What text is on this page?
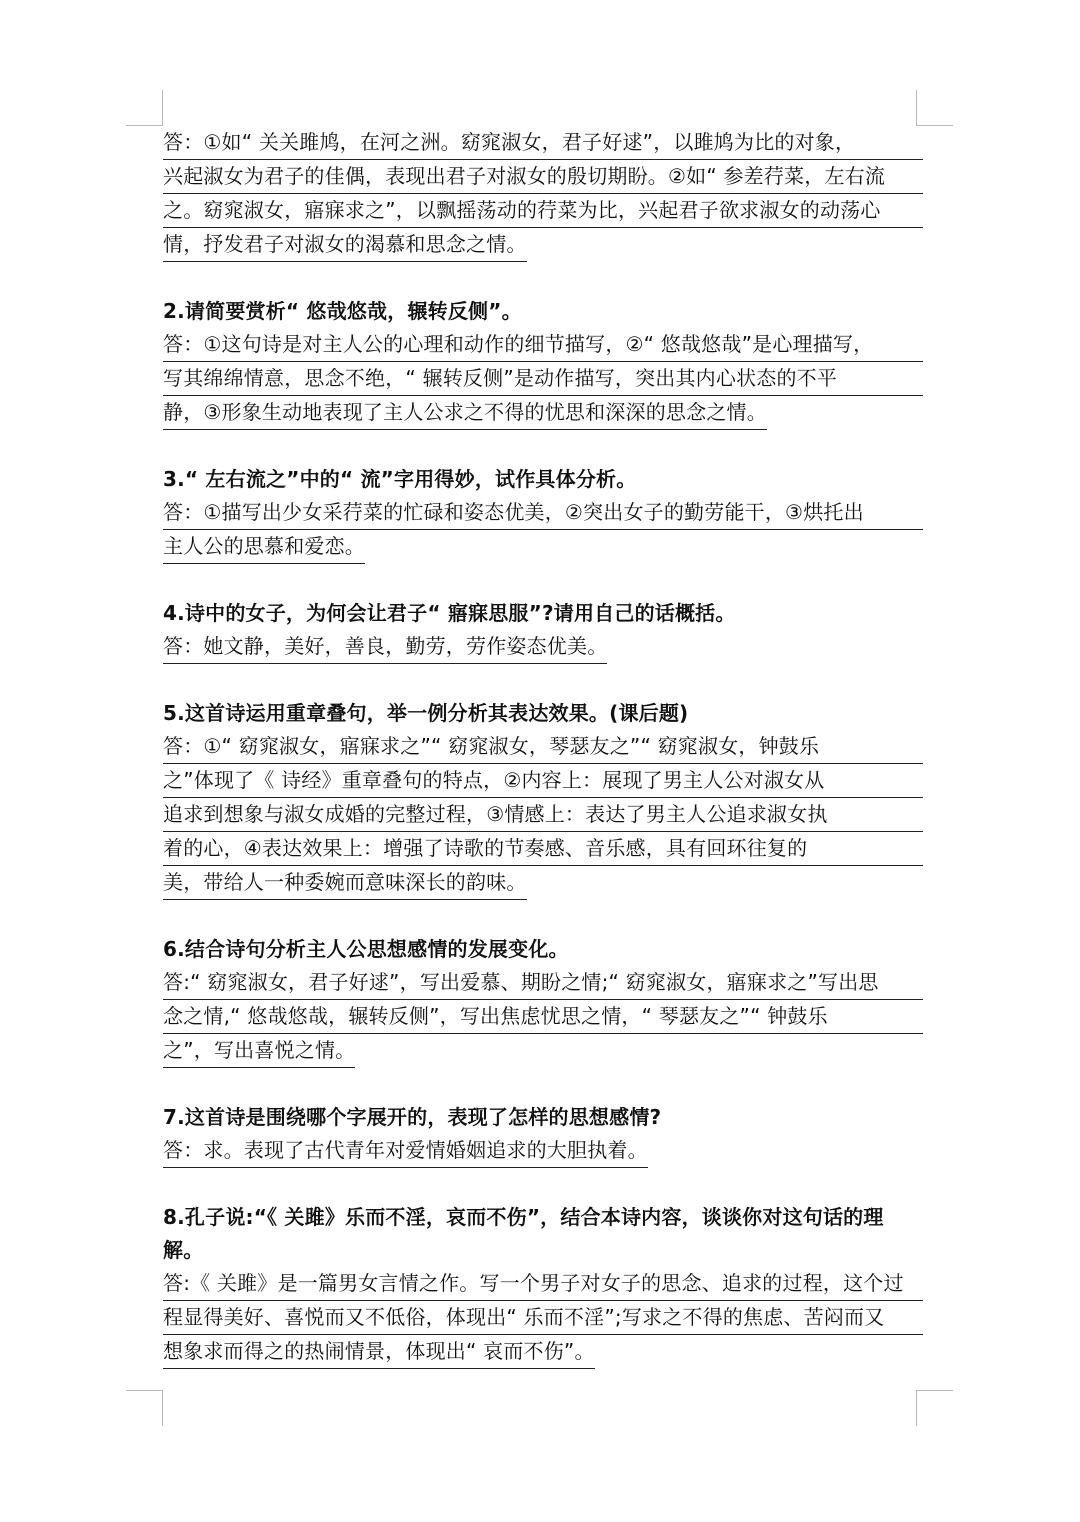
答：①如“ 关关雎鸠，在河之洲。窈窕淑女，君子好逑”，以雎鸠为比的对象，
兴起淑女为君子的佳偶，表现出君子对淑女的殷切期盼。②如“ 参差荇菜，左右流
之。窈窕淑女，寤寐求之”，以飘摇荡动的荇菜为比，兴起君子欲求淑女的动荡心
情，抒发君子对淑女的渴慕和思念之情。
2.请简要赏析“ 悠哉悠哉，辗转反侧”。
答：①这句诗是对主人公的心理和动作的细节描写，②“ 悠哉悠哉”是心理描写，
写其绵绵情意，思念不绝，“ 辗转反侧”是动作描写，突出其内心状态的不平
静，③形象生动地表现了主人公求之不得的忧思和深深的思念之情。
3.“ 左右流之”中的“ 流”字用得妙，试作具体分析。
答：①描写出少女采荇菜的忙碌和姿态优美，②突出女子的勤劳能干，③烘托出
主人公的思慕和爱恋。
4.诗中的女子，为何会让君子“ 寤寐思服”?请用自己的话概括。
答：她文静，美好，善良，勤劳，劳作姿态优美。
5.这首诗运用重章叠句，举一例分析其表达效果。(课后题)
答：①“ 窈窕淑女，寤寐求之”“ 窈窕淑女，琴瑟友之”“ 窈窕淑女，钟鼓乐
之”体现了《 诗经》重章叠句的特点，②内容上：展现了男主人公对淑女从
追求到想象与淑女成婚的完整过程，③情感上：表达了男主人公追求淑女执
着的心，④表达效果上：增强了诗歌的节奏感、音乐感，具有回环往复的
美，带给人一种委婉而意味深长的韵味。
6.结合诗句分析主人公思想感情的发展变化。
答:“ 窈窕淑女，君子好逑”，写出爱慕、期盼之情;“ 窈窕淑女，寤寐求之”写出思
念之情,“ 悠哉悠哉，辗转反侧”，写出焦虑忧思之情，“ 琴瑟友之”“ 钟鼓乐
之”，写出喜悦之情。
7.这首诗是围绕哪个字展开的，表现了怎样的思想感情?
答：求。表现了古代青年对爱情婚姻追求的大胆执着。
8.孔子说:“《 关雎》乐而不淫，哀而不伤”，结合本诗内容，谈谈你对这句话的理解。
答:《 关雎》是一篇男女言情之作。写一个男子对女子的思念、追求的过程，这个过
程显得美好、喜悦而又不低俗，体现出“ 乐而不淫”;写求之不得的焦虑、苦闷而又
想象求而得之的热闹情景，体现出“ 哀而不伤”。
